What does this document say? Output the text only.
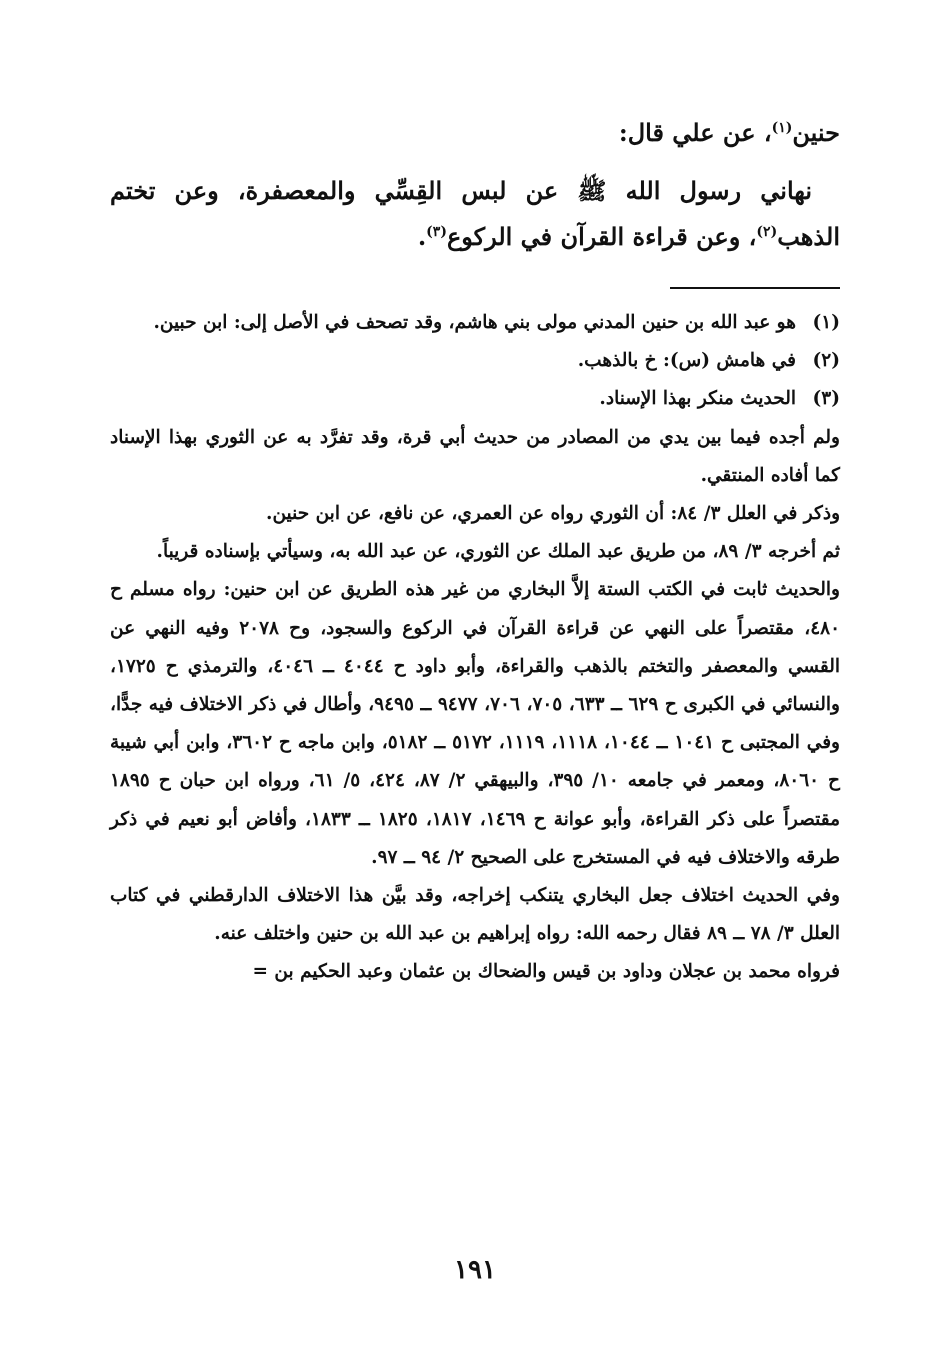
حنين$^{(١)}$، عن علي قال:

نهاني رسول الله ﷺ عن لبس القِسِّي والمعصفرة، وعن تختم الذهب$^{(٢)}$، وعن قراءة القرآن في الركوع$^{(٣)}$.

(١)
هو عبد الله بن حنين المدني مولى بني هاشم، وقد تصحف في الأصل إلى: ابن حبين.
(٢)
في هامش (س): خ بالذهب.
(٣)
الحديث منكر بهذا الإسناد.

ولم أجده فيما بين يدي من المصادر من حديث أبي قرة، وقد تفرَّد به عن الثوري بهذا الإسناد كما أفاده المنتقي.

وذكر في العلل ٣/ ٨٤: أن الثوري رواه عن العمري، عن نافع، عن ابن حنين.

ثم أخرجه ٣/ ٨٩، من طريق عبد الملك عن الثوري، عن عبد الله به، وسيأتي بإسناده قريباً.

والحديث ثابت في الكتب الستة إلاَّ البخاري من غير هذه الطريق عن ابن حنين: رواه مسلم ح ٤٨٠، مقتصراً على النهي عن قراءة القرآن في الركوع والسجود، وح ٢٠٧٨ وفيه النهي عن القسي والمعصفر والتختم بالذهب والقراءة، وأبو داود ح ٤٠٤٤ ــ ٤٠٤٦، والترمذي ح ١٧٢٥، والنسائي في الكبرى ح ٦٢٩ ــ ٦٣٣، ٧٠٥، ٧٠٦، ٩٤٧٧ ــ ٩٤٩٥، وأطال في ذكر الاختلاف فيه جدًّا، وفي المجتبى ح ١٠٤١ ــ ١٠٤٤، ١١١٨، ١١١٩، ٥١٧٢ ــ ٥١٨٢، وابن ماجه ح ٣٦٠٢، وابن أبي شيبة ح ٨٠٦٠، ومعمر في جامعه ١٠/ ٣٩٥، والبيهقي ٢/ ٨٧، ٤٢٤، ٥/ ٦١، ورواه ابن حبان ح ١٨٩٥ مقتصراً على ذكر القراءة، وأبو عوانة ح ١٤٦٩، ١٨١٧، ١٨٢٥ ــ ١٨٣٣، وأفاض أبو نعيم في ذكر طرقه والاختلاف فيه في المستخرج على الصحيح ٢/ ٩٤ ــ ٩٧.

وفي الحديث اختلاف جعل البخاري يتنكب إخراجه، وقد بيَّن هذا الاختلاف الدارقطني في كتاب العلل ٣/ ٧٨ ــ ٨٩ فقال رحمه الله: رواه إبراهيم بن عبد الله بن حنين واختلف عنه.

فرواه محمد بن عجلان وداود بن قيس والضحاك بن عثمان وعبد الحكيم بن =

١٩١
